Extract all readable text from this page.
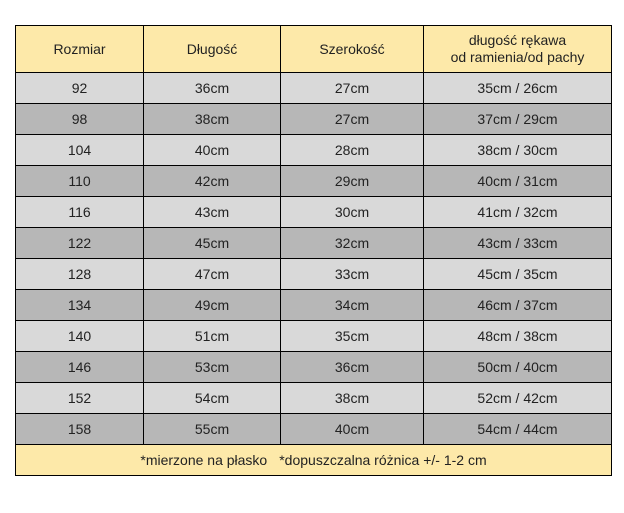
Rozmiar	Długość	Szerokość	długość rękawa
od ramienia/od pachy
92	36cm	27cm	35cm / 26cm
98	38cm	27cm	37cm / 29cm
104	40cm	28cm	38cm / 30cm
110	42cm	29cm	40cm / 31cm
116	43cm	30cm	41cm / 32cm
122	45cm	32cm	43cm / 33cm
128	47cm	33cm	45cm / 35cm
134	49cm	34cm	46cm / 37cm
140	51cm	35cm	48cm / 38cm
146	53cm	36cm	50cm / 40cm
152	54cm	38cm	52cm / 42cm
158	55cm	40cm	54cm / 44cm
*mierzone na płasko *dopuszczalna różnica +/- 1-2 cm			
